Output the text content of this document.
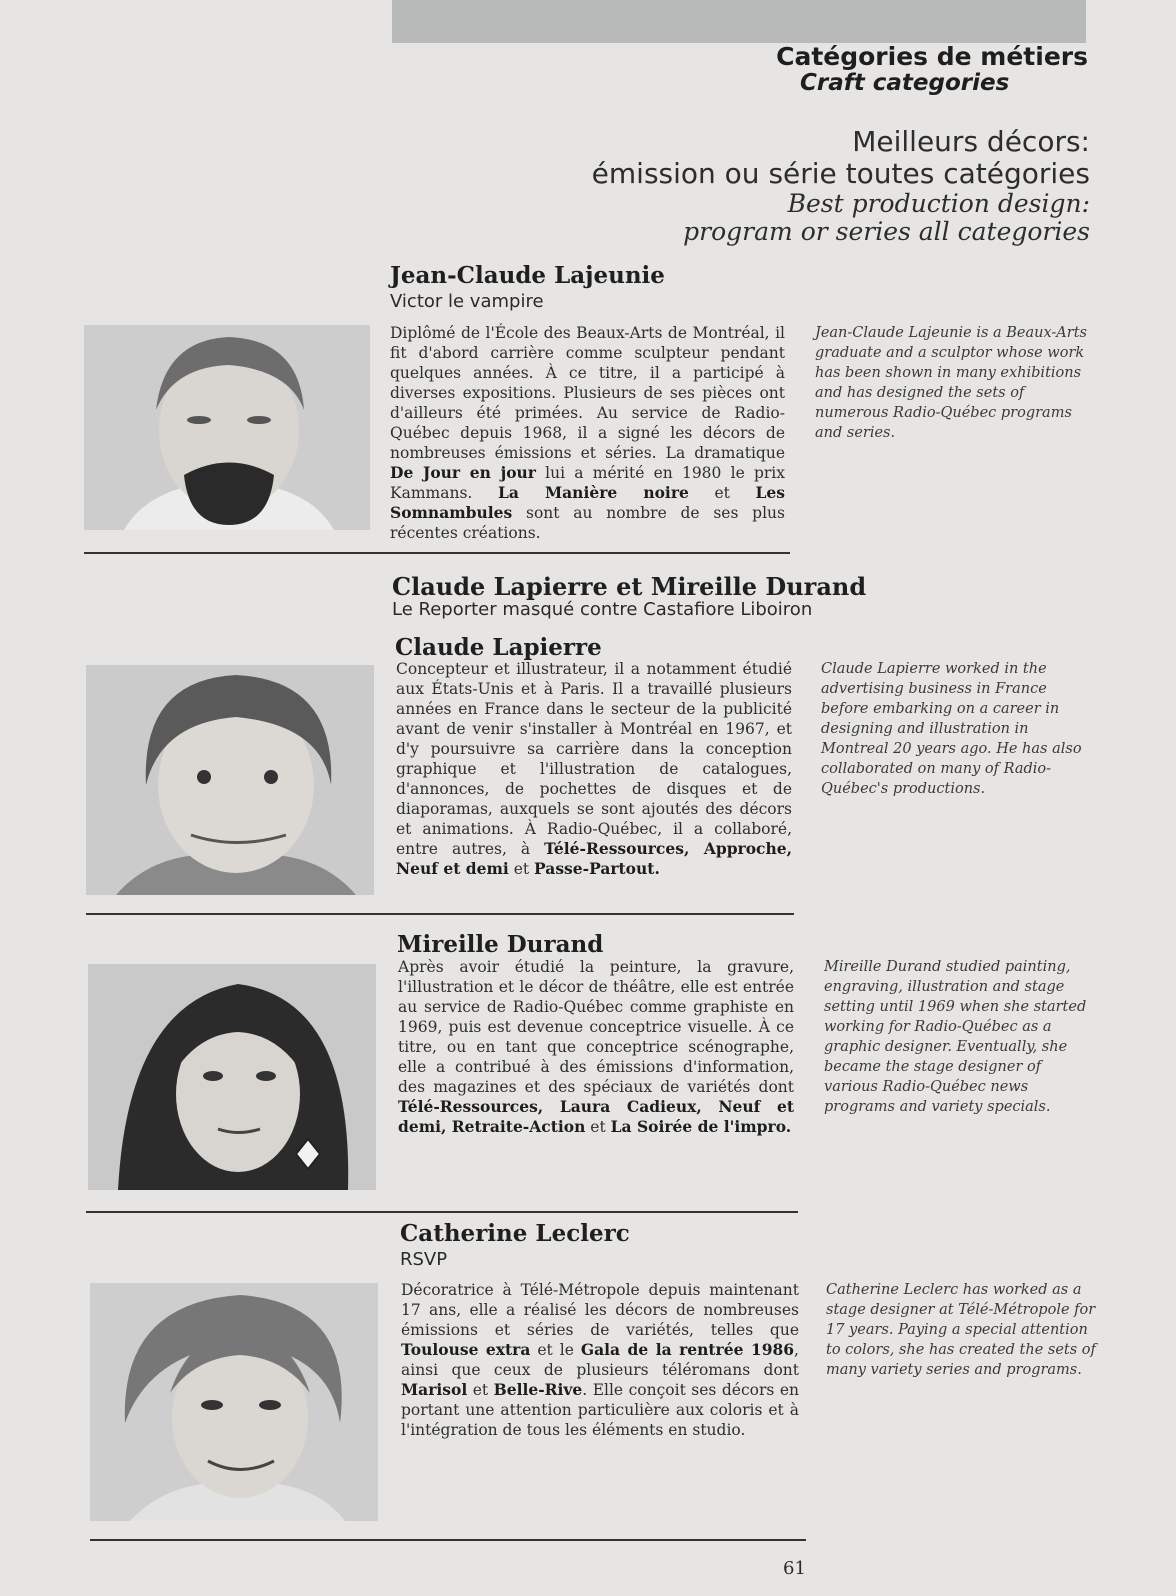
Catégories de métiers
Craft categories
Meilleurs décors:
émission ou série toutes catégories
Best production design:
program or series all categories
Jean-Claude Lajeunie
Victor le vampire
Diplômé de l'École des Beaux-Arts de Montréal, il fit d'abord carrière comme sculpteur pendant quelques années. À ce titre, il a participé à diverses expositions. Plusieurs de ses pièces ont d'ailleurs été primées. Au service de Radio-Québec depuis 1968, il a signé les décors de nombreuses émissions et séries. La dramatique De Jour en jour lui a mérité en 1980 le prix Kammans. La Manière noire et Les Somnambules sont au nombre de ses plus récentes créations.
Jean-Claude Lajeunie is a Beaux-Arts graduate and a sculptor whose work has been shown in many exhibitions and has designed the sets of numerous Radio-Québec programs and series.
Claude Lapierre et Mireille Durand
Le Reporter masqué contre Castafiore Liboiron
Claude Lapierre
Concepteur et illustrateur, il a notamment étudié aux États-Unis et à Paris. Il a travaillé plusieurs années en France dans le secteur de la publicité avant de venir s'installer à Montréal en 1967, et d'y poursuivre sa carrière dans la conception graphique et l'illustration de catalogues, d'annonces, de pochettes de disques et de diaporamas, auxquels se sont ajoutés des décors et animations. À Radio-Québec, il a collaboré, entre autres, à Télé-Ressources, Approche, Neuf et demi et Passe-Partout.
Claude Lapierre worked in the advertising business in France before embarking on a career in designing and illustration in Montreal 20 years ago. He has also collaborated on many of Radio-Québec's productions.
Mireille Durand
Après avoir étudié la peinture, la gravure, l'illustration et le décor de théâtre, elle est entrée au service de Radio-Québec comme graphiste en 1969, puis est devenue conceptrice visuelle. À ce titre, ou en tant que conceptrice scénographe, elle a contribué à des émissions d'information, des magazines et des spéciaux de variétés dont Télé-Ressources, Laura Cadieux, Neuf et demi, Retraite-Action et La Soirée de l'impro.
Mireille Durand studied painting, engraving, illustration and stage setting until 1969 when she started working for Radio-Québec as a graphic designer. Eventually, she became the stage designer of various Radio-Québec news programs and variety specials.
Catherine Leclerc
RSVP
Décoratrice à Télé-Métropole depuis maintenant 17 ans, elle a réalisé les décors de nombreuses émissions et séries de variétés, telles que Toulouse extra et le Gala de la rentrée 1986, ainsi que ceux de plusieurs téléromans dont Marisol et Belle-Rive. Elle conçoit ses décors en portant une attention particulière aux coloris et à l'intégration de tous les éléments en studio.
Catherine Leclerc has worked as a stage designer at Télé-Métropole for 17 years. Paying a special attention to colors, she has created the sets of many variety series and programs.
61
